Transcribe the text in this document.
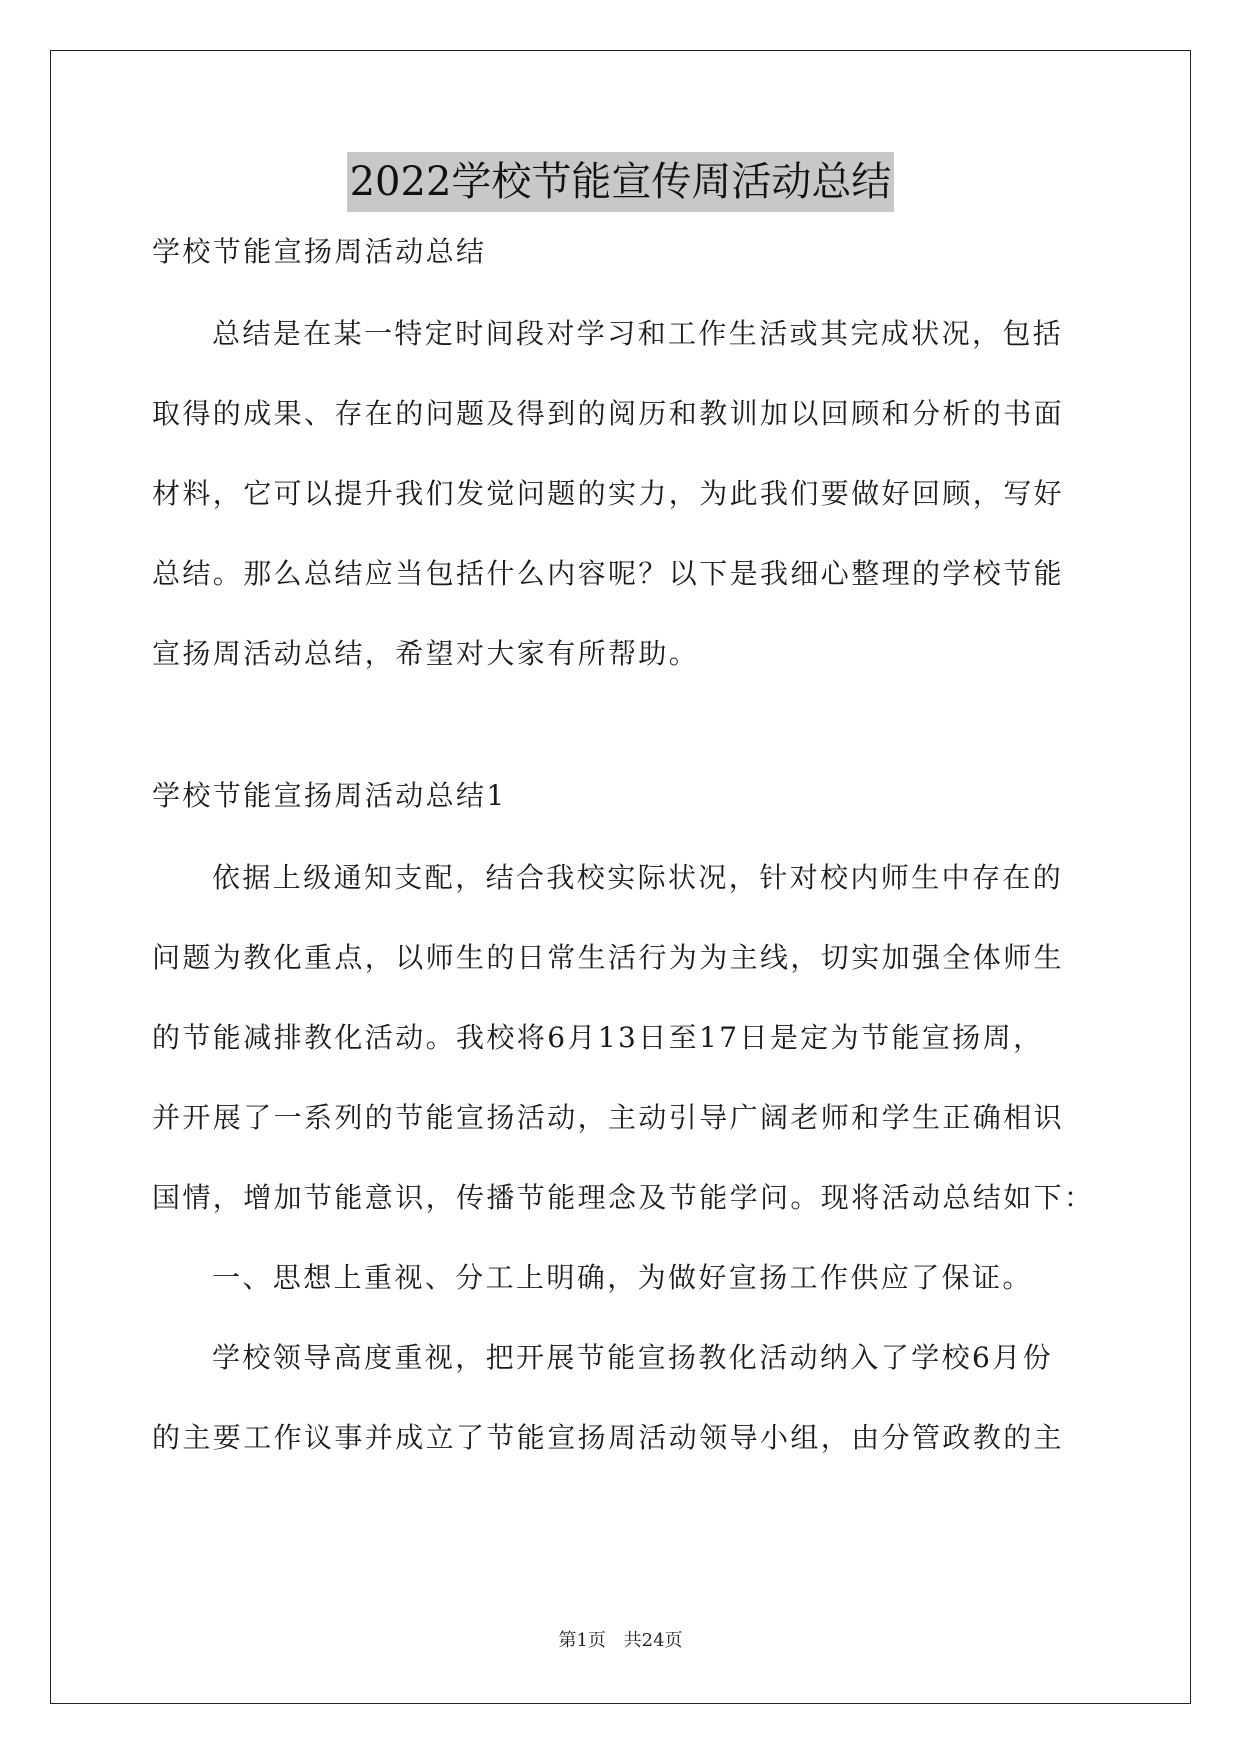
2022学校节能宣传周活动总结

学校节能宣扬周活动总结

总结是在某一特定时间段对学习和工作生活或其完成状况，包括

取得的成果、存在的问题及得到的阅历和教训加以回顾和分析的书面

材料，它可以提升我们发觉问题的实力，为此我们要做好回顾，写好

总结。那么总结应当包括什么内容呢？以下是我细心整理的学校节能

宣扬周活动总结，希望对大家有所帮助。

学校节能宣扬周活动总结1

依据上级通知支配，结合我校实际状况，针对校内师生中存在的

问题为教化重点，以师生的日常生活行为为主线，切实加强全体师生

的节能减排教化活动。我校将6月13日至17日是定为节能宣扬周，

并开展了一系列的节能宣扬活动，主动引导广阔老师和学生正确相识

国情，增加节能意识，传播节能理念及节能学问。现将活动总结如下：

一、思想上重视、分工上明确，为做好宣扬工作供应了保证。

学校领导高度重视，把开展节能宣扬教化活动纳入了学校6月份

的主要工作议事并成立了节能宣扬周活动领导小组，由分管政教的主

第1页 共24页
